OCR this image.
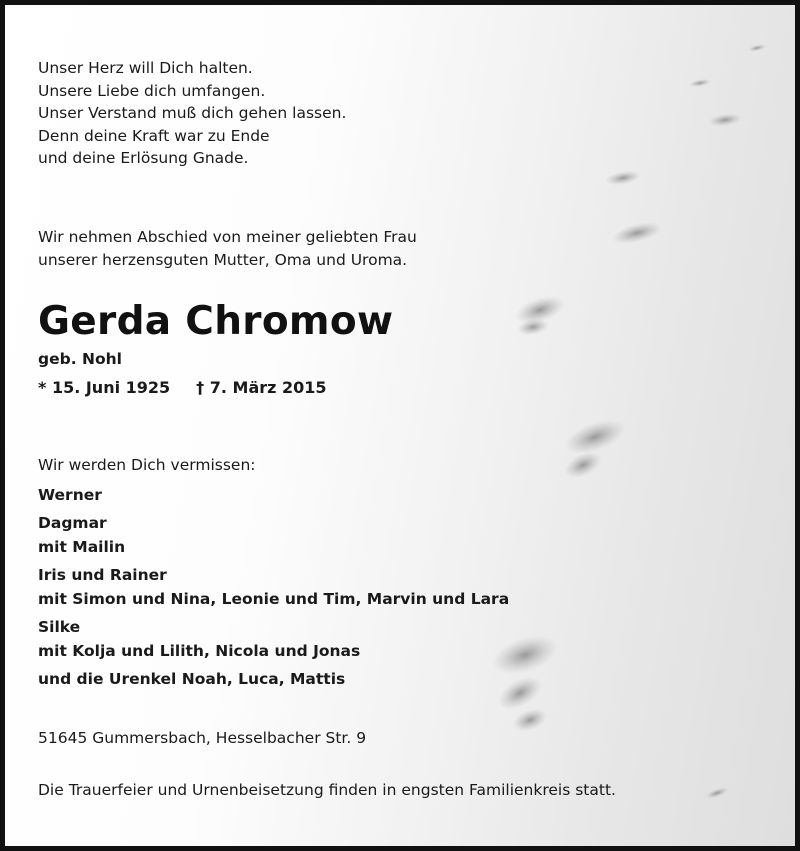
Unser Herz will Dich halten.
Unsere Liebe dich umfangen.
Unser Verstand muß dich gehen lassen.
Denn deine Kraft war zu Ende
und deine Erlösung Gnade.
Wir nehmen Abschied von meiner geliebten Frau
unserer herzensguten Mutter, Oma und Uroma.
Gerda Chromow
geb. Nohl
* 15. Juni 1925 † 7. März 2015
Wir werden Dich vermissen:
Werner
Dagmar
mit Mailin
Iris und Rainer
mit Simon und Nina, Leonie und Tim, Marvin und Lara
Silke
mit Kolja und Lilith, Nicola und Jonas
und die Urenkel Noah, Luca, Mattis
51645 Gummersbach, Hesselbacher Str. 9
Die Trauerfeier und Urnenbeisetzung finden in engsten Familienkreis statt.
